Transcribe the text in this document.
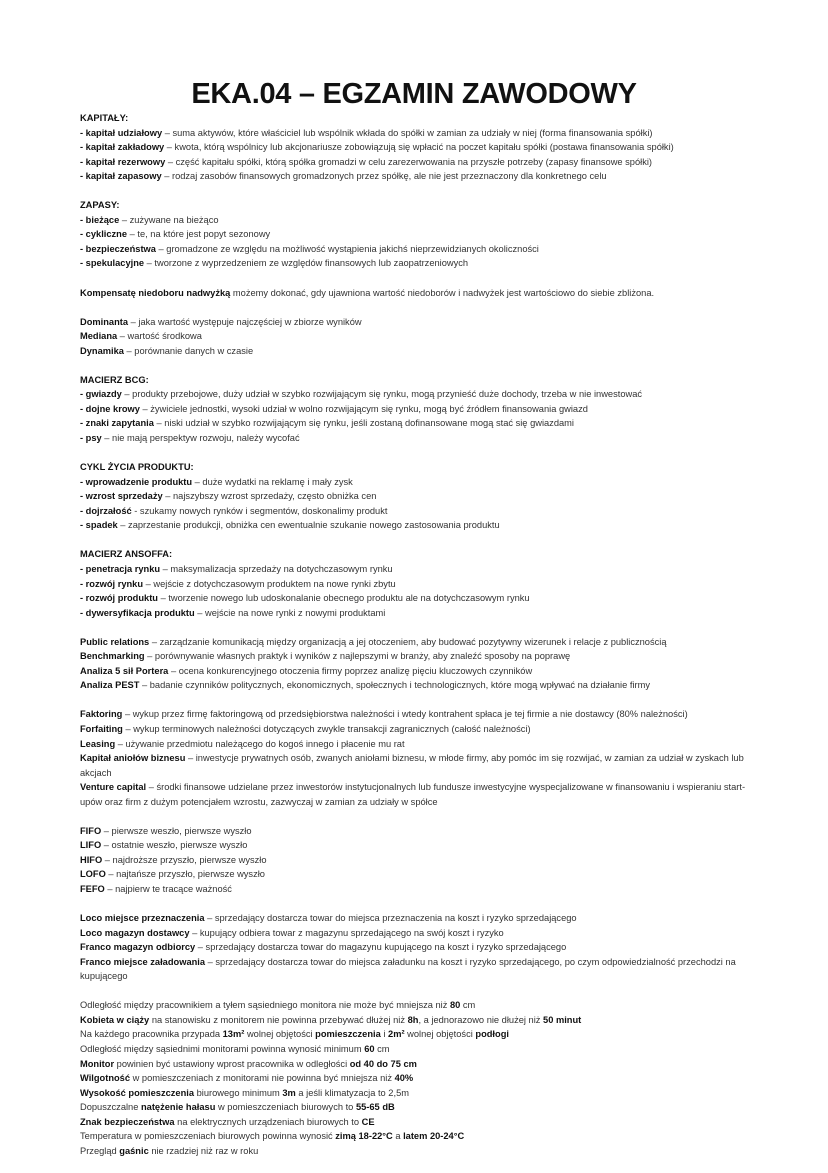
EKA.04 – EGZAMIN ZAWODOWY
KAPITAŁY:
- kapitał udziałowy – suma aktywów, które właściciel lub wspólnik wkłada do spółki w zamian za udziały w niej (forma finansowania spółki)
- kapitał zakładowy – kwota, którą wspólnicy lub akcjonariusze zobowiązują się wpłacić na poczet kapitału spółki (postawa finansowania spółki)
- kapitał rezerwowy – część kapitału spółki, którą spółka gromadzi w celu zarezerwowania na przyszłe potrzeby (zapasy finansowe spółki)
- kapitał zapasowy – rodzaj zasobów finansowych gromadzonych przez spółkę, ale nie jest przeznaczony dla konkretnego celu
ZAPASY:
- bieżące – zużywane na bieżąco
- cykliczne – te, na które jest popyt sezonowy
- bezpieczeństwa – gromadzone ze względu na możliwość wystąpienia jakichś nieprzewidzianych okoliczności
- spekulacyjne – tworzone z wyprzedzeniem ze względów finansowych lub zaopatrzeniowych
Kompensatę niedoboru nadwyżką możemy dokonać, gdy ujawniona wartość niedoborów i nadwyżek jest wartościowo do siebie zbliżona.
Dominanta – jaka wartość występuje najczęściej w zbiorze wyników
Mediana – wartość środkowa
Dynamika – porównanie danych w czasie
MACIERZ BCG:
- gwiazdy – produkty przebojowe, duży udział w szybko rozwijającym się rynku, mogą przynieść duże dochody, trzeba w nie inwestować
- dojne krowy – żywiciele jednostki, wysoki udział w wolno rozwijającym się rynku, mogą być źródłem finansowania gwiazd
- znaki zapytania – niski udział w szybko rozwijającym się rynku, jeśli zostaną dofinansowane mogą stać się gwiazdami
- psy – nie mają perspektyw rozwoju, należy wycofać
CYKL ŻYCIA PRODUKTU:
- wprowadzenie produktu – duże wydatki na reklamę i mały zysk
- wzrost sprzedaży – najszybszy wzrost sprzedaży, często obniżka cen
- dojrzałość - szukamy nowych rynków i segmentów, doskonalimy produkt
- spadek – zaprzestanie produkcji, obniżka cen ewentualnie szukanie nowego zastosowania produktu
MACIERZ ANSOFFA:
- penetracja rynku – maksymalizacja sprzedaży na dotychczasowym rynku
- rozwój rynku – wejście z dotychczasowym produktem na nowe rynki zbytu
- rozwój produktu – tworzenie nowego lub udoskonalanie obecnego produktu ale na dotychczasowym rynku
- dywersyfikacja produktu – wejście na nowe rynki z nowymi produktami
Public relations – zarządzanie komunikacją między organizacją a jej otoczeniem, aby budować pozytywny wizerunek i relacje z publicznością
Benchmarking – porównywanie własnych praktyk i wyników z najlepszymi w branży, aby znaleźć sposoby na poprawę
Analiza 5 sił Portera – ocena konkurencyjnego otoczenia firmy poprzez analizę pięciu kluczowych czynników
Analiza PEST – badanie czynników politycznych, ekonomicznych, społecznych i technologicznych, które mogą wpływać na działanie firmy
Faktoring – wykup przez firmę faktoringową od przedsiębiorstwa należności i wtedy kontrahent spłaca je tej firmie a nie dostawcy (80% należności)
Forfaiting – wykup terminowych należności dotyczących zwykle transakcji zagranicznych (całość należności)
Leasing – używanie przedmiotu należącego do kogoś innego i płacenie mu rat
Kapitał aniołów biznesu – inwestycje prywatnych osób, zwanych aniołami biznesu, w młode firmy, aby pomóc im się rozwijać, w zamian za udział w zyskach lub akcjach
Venture capital – środki finansowe udzielane przez inwestorów instytucjonalnych lub fundusze inwestycyjne wyspecjalizowane w finansowaniu i wspieraniu start-upów oraz firm z dużym potencjałem wzrostu, zazwyczaj w zamian za udziały w spółce
FIFO – pierwsze weszło, pierwsze wyszło
LIFO – ostatnie weszło, pierwsze wyszło
HIFO – najdroższe przyszło, pierwsze wyszło
LOFO – najtańsze przyszło, pierwsze wyszło
FEFO – najpierw te tracące ważność
Loco miejsce przeznaczenia – sprzedający dostarcza towar do miejsca przeznaczenia na koszt i ryzyko sprzedającego
Loco magazyn dostawcy – kupujący odbiera towar z magazynu sprzedającego na swój koszt i ryzyko
Franco magazyn odbiorcy – sprzedający dostarcza towar do magazynu kupującego na koszt i ryzyko sprzedającego
Franco miejsce załadowania – sprzedający dostarcza towar do miejsca załadunku na koszt i ryzyko sprzedającego, po czym odpowiedzialność przechodzi na kupującego
Odległość między pracownikiem a tyłem sąsiedniego monitora nie może być mniejsza niż 80 cm
Kobieta w ciąży na stanowisku z monitorem nie powinna przebywać dłużej niż 8h, a jednorazowo nie dłużej niż 50 minut
Na każdego pracownika przypada 13m² wolnej objętości pomieszczenia i 2m² wolnej objętości podłogi
Odległość między sąsiednimi monitorami powinna wynosić minimum 60 cm
Monitor powinien być ustawiony wprost pracownika w odległości od 40 do 75 cm
Wilgotność w pomieszczeniach z monitorami nie powinna być mniejsza niż 40%
Wysokość pomieszczenia biurowego minimum 3m a jeśli klimatyzacja to 2,5m
Dopuszczalne natężenie hałasu w pomieszczeniach biurowych to 55-65 dB
Znak bezpieczeństwa na elektrycznych urządzeniach biurowych to CE
Temperatura w pomieszczeniach biurowych powinna wynosić zimą 18-22°C a latem 20-24°C
Przegląd gaśnic nie rzadziej niż raz w roku
